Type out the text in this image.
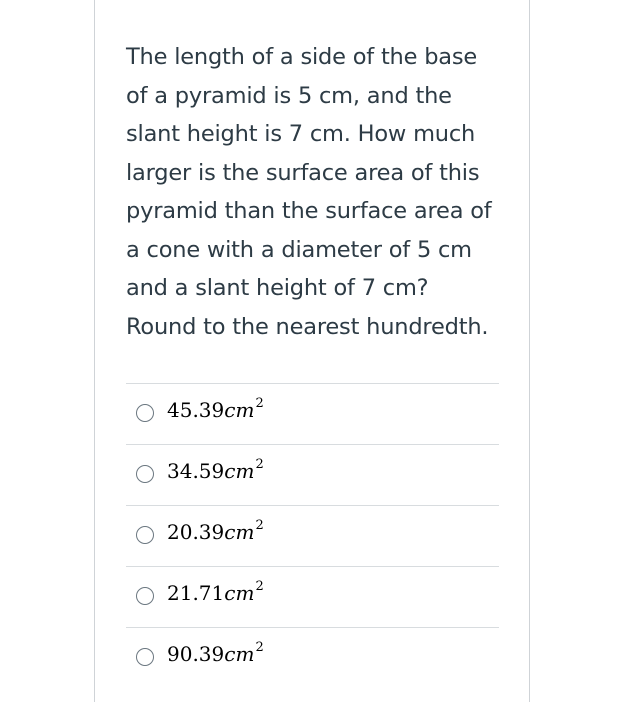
The length of a side of the base
of a pyramid is 5 cm, and the
slant height is 7 cm. How much
larger is the surface area of this
pyramid than the surface area of
a cone with a diameter of 5 cm
and a slant height of 7 cm?
Round to the nearest hundredth.

$45.39cm^2$
$34.59cm^2$
$20.39cm^2$
$21.71cm^2$
$90.39cm^2$
